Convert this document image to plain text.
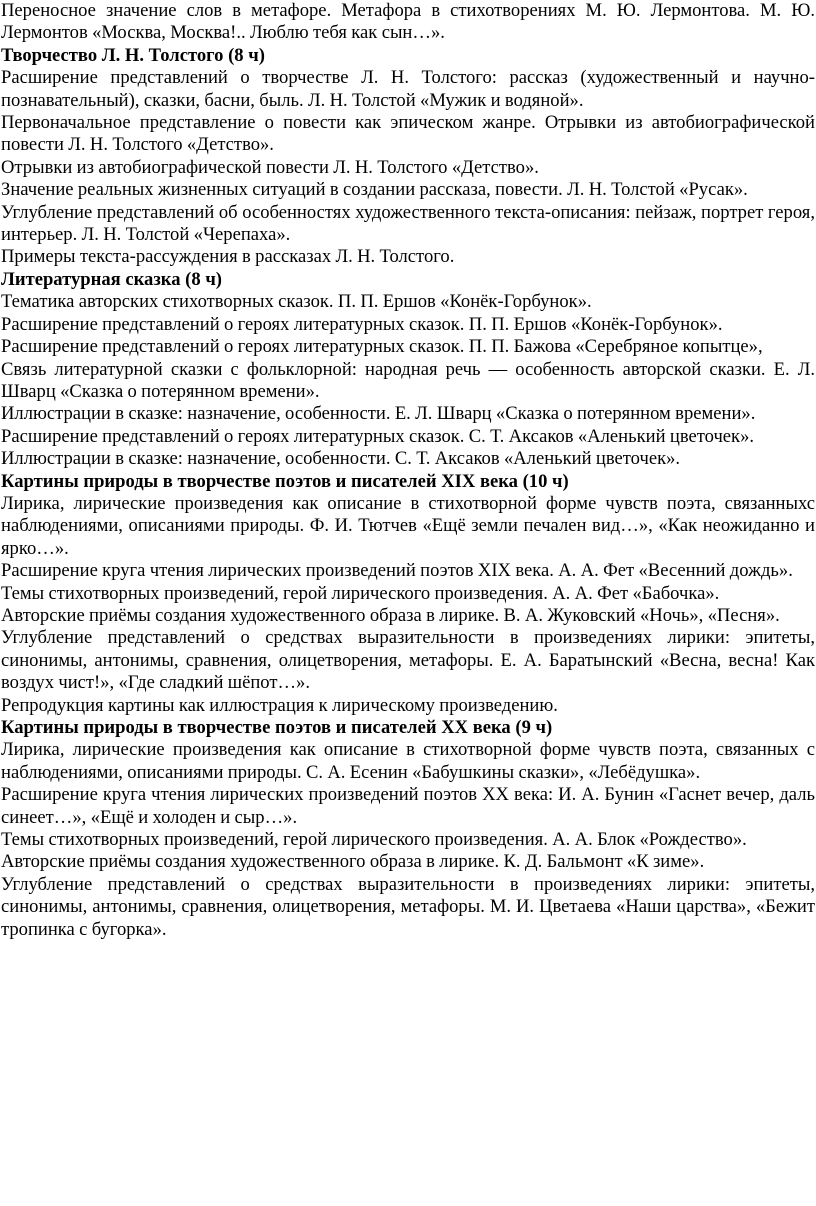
Переносное значение слов в метафоре. Метафора в стихотворениях М. Ю. Лермонтова. М. Ю. Лермонтов «Москва, Москва!.. Люблю тебя как сын…».

Творчество Л. Н. Толстого (8 ч)

Расширение представлений о творчестве Л. Н. Толстого: рассказ (художественный и научно-познавательный), сказки, басни, быль. Л. Н. Толстой «Мужик и водяной».

Первоначальное представление о повести как эпическом жанре. Отрывки из автобиографической повести Л. Н. Толстого «Детство».

Отрывки из автобиографической повести Л. Н. Толстого «Детство».

Значение реальных жизненных ситуаций в создании рассказа, повести. Л. Н. Толстой «Русак».

Углубление представлений об особенностях художественного текста-описания: пейзаж, портрет героя, интерьер. Л. Н. Толстой «Черепаха».

Примеры текста-рассуждения в рассказах Л. Н. Толстого.

Литературная сказка (8 ч)

Тематика авторских стихотворных сказок. П. П. Ершов «Конёк-Горбунок».

Расширение представлений о героях литературных сказок. П. П. Ершов «Конёк-Горбунок».

Расширение представлений о героях литературных сказок. П. П. Бажова «Серебряное копытце»,

Связь литературной сказки с фольклорной: народная речь — особенность авторской сказки. Е. Л. Шварц «Сказка о потерянном времени».

Иллюстрации в сказке: назначение, особенности. Е. Л. Шварц «Сказка о потерянном времени».

Расширение представлений о героях литературных сказок. С. Т. Аксаков «Аленький цветочек».

Иллюстрации в сказке: назначение, особенности. С. Т. Аксаков «Аленький цветочек».

Картины природы в творчестве поэтов и писателей XIX века (10 ч)

Лирика, лирические произведения как описание в стихотворной форме чувств поэта, связанныхс наблюдениями, описаниями природы. Ф. И. Тютчев «Ещё земли печален вид…», «Как неожиданно и ярко…».

Расширение круга чтения лирических произведений поэтов XIX века. А. А. Фет «Весенний дождь».

Темы стихотворных произведений, герой лирического произведения. А. А. Фет «Бабочка».

Авторские приёмы создания художественного образа в лирике. В. А. Жуковский «Ночь», «Песня».

Углубление представлений о средствах выразительности в произведениях лирики: эпитеты, синонимы, антонимы, сравнения, олицетворения, метафоры. Е. А. Баратынский «Весна, весна! Как воздух чист!», «Где сладкий шёпот…».

Репродукция картины как иллюстрация к лирическому произведению.

Картины природы в творчестве поэтов и писателей XX века (9 ч)

Лирика, лирические произведения как описание в стихотворной форме чувств поэта, связанных с наблюдениями, описаниями природы. С. А. Есенин «Бабушкины сказки», «Лебёдушка».

Расширение круга чтения лирических произведений поэтов XX века: И. А. Бунин «Гаснет вечер, даль синеет…», «Ещё и холоден и сыр…».

Темы стихотворных произведений, герой лирического произведения. А. А. Блок «Рождество».

Авторские приёмы создания художественного образа в лирике. К. Д. Бальмонт «К зиме».

Углубление представлений о средствах выразительности в произведениях лирики: эпитеты, синонимы, антонимы, сравнения, олицетворения, метафоры. М. И. Цветаева «Наши царства», «Бежит тропинка с бугорка».
